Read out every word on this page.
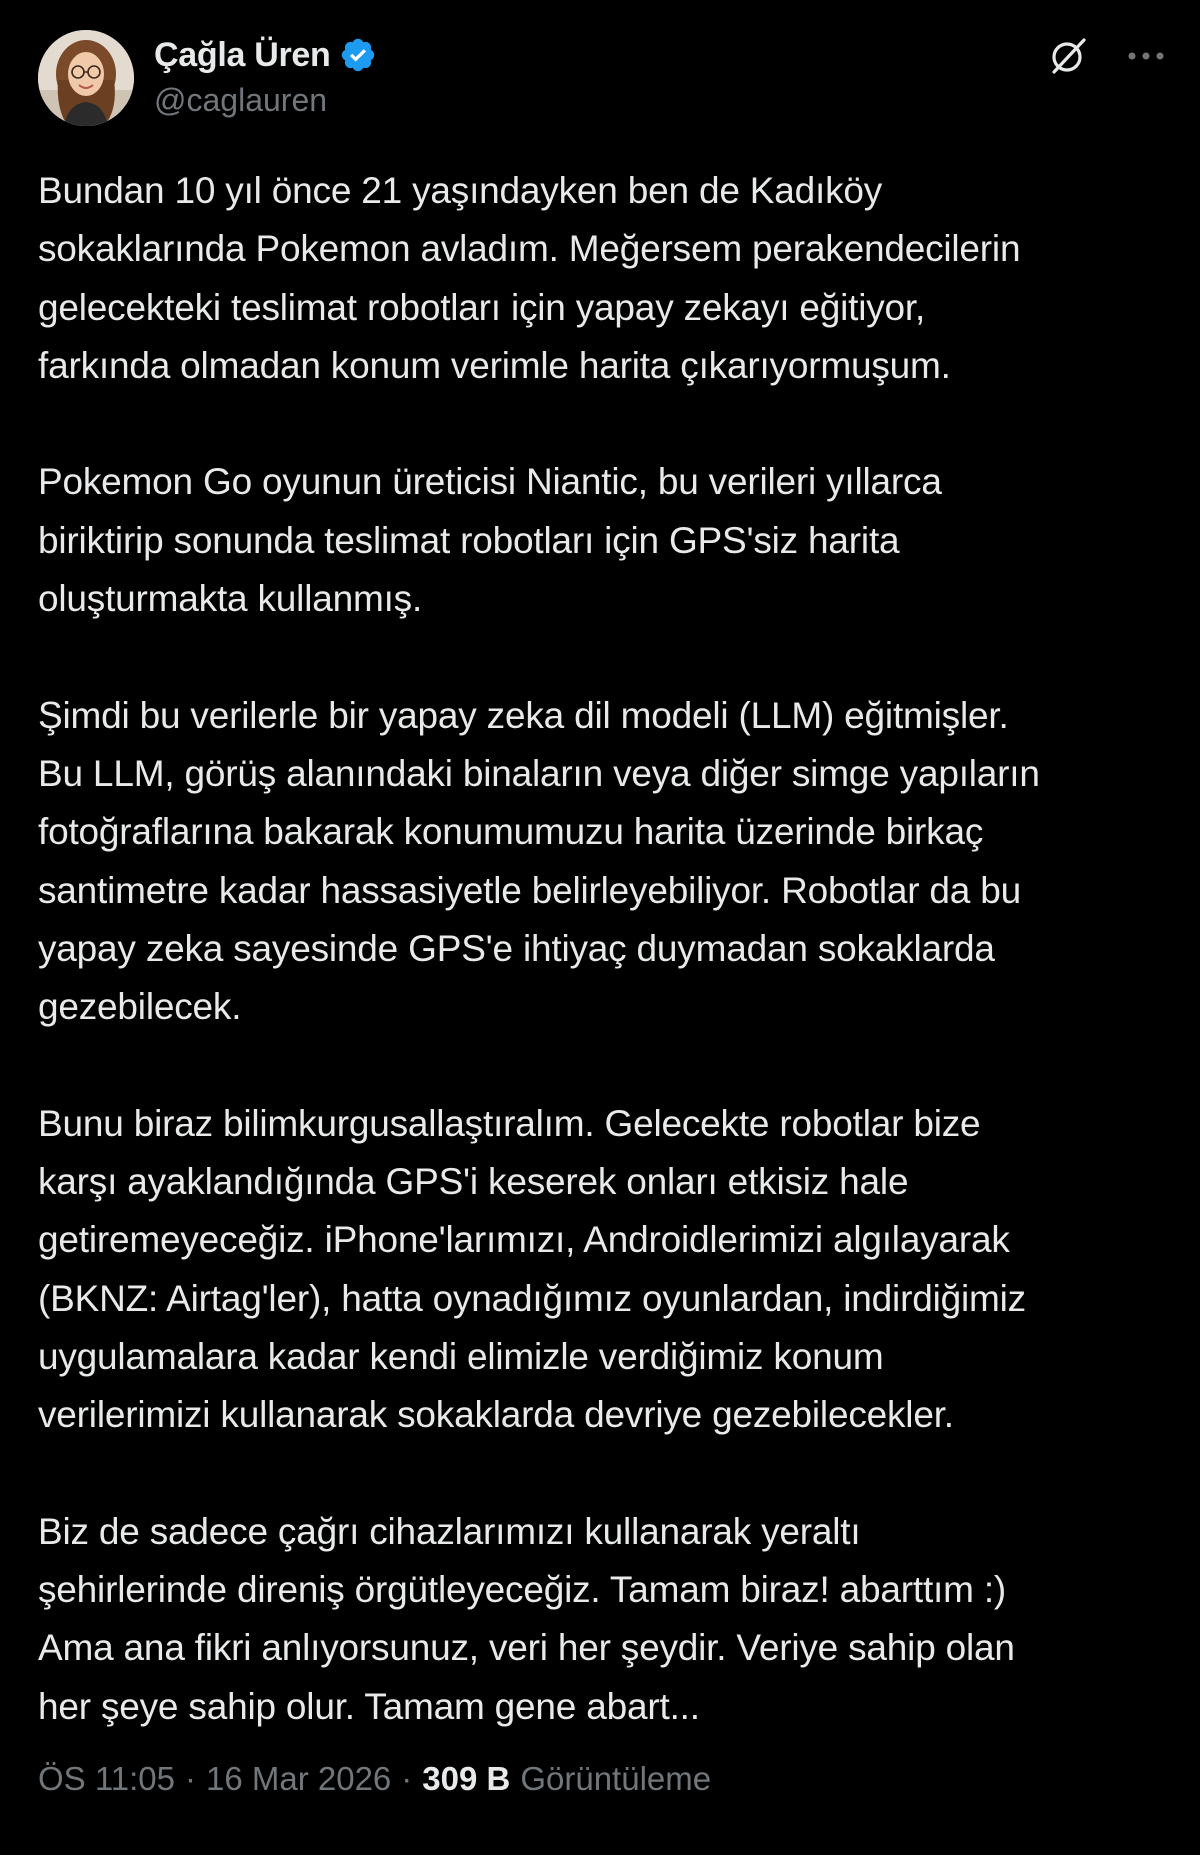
Çağla Üren
@caglauren
Bundan 10 yıl önce 21 yaşındayken ben de Kadıköy
sokaklarında Pokemon avladım. Meğersem perakendecilerin
gelecekteki teslimat robotları için yapay zekayı eğitiyor,
farkında olmadan konum verimle harita çıkarıyormuşum.

Pokemon Go oyunun üreticisi Niantic, bu verileri yıllarca
biriktirip sonunda teslimat robotları için GPS'siz harita
oluşturmakta kullanmış.

Şimdi bu verilerle bir yapay zeka dil modeli (LLM) eğitmişler.
Bu LLM, görüş alanındaki binaların veya diğer simge yapıların
fotoğraflarına bakarak konumumuzu harita üzerinde birkaç
santimetre kadar hassasiyetle belirleyebiliyor. Robotlar da bu
yapay zeka sayesinde GPS'e ihtiyaç duymadan sokaklarda
gezebilecek.

Bunu biraz bilimkurgusallaştıralım. Gelecekte robotlar bize
karşı ayaklandığında GPS'i keserek onları etkisiz hale
getiremeyeceğiz. iPhone'larımızı, Androidlerimizi algılayarak
(BKNZ: Airtag'ler), hatta oynadığımız oyunlardan, indirdiğimiz
uygulamalara kadar kendi elimizle verdiğimiz konum
verilerimizi kullanarak sokaklarda devriye gezebilecekler.

Biz de sadece çağrı cihazlarımızı kullanarak yeraltı
şehirlerinde direniş örgütleyeceğiz. Tamam biraz! abarttım :)
Ama ana fikri anlıyorsunuz, veri her şeydir. Veriye sahip olan
her şeye sahip olur. Tamam gene abart...
ÖS 11:05 · 16 Mar 2026 · 309 B Görüntüleme
